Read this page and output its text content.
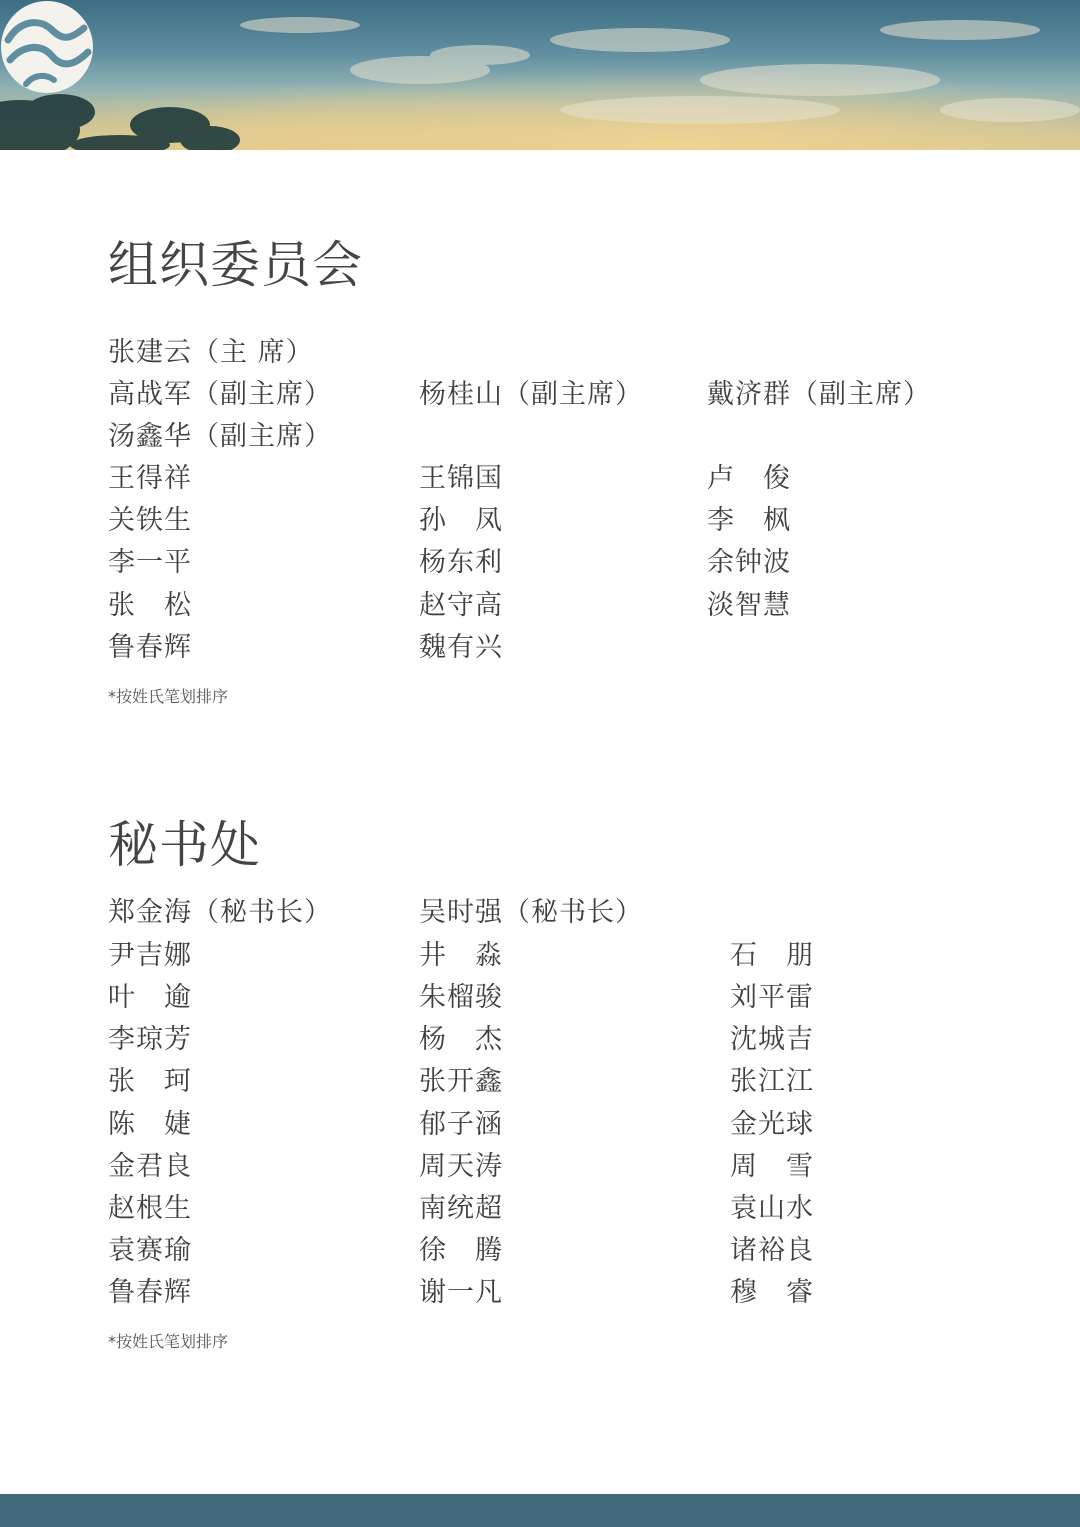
组织委员会
张建云（主 席）
高战军（副主席）	杨桂山（副主席） 戴济群（副主席）
汤鑫华（副主席）
王得祥
关铁生
李一平
张　松
鲁春辉
王锦国
孙　凤
杨东利
赵守高
魏有兴
卢　俊
李　枫
余钟波
淡智慧
*按姓氏笔划排序
秘书处
郑金海（秘书长）	吴时强（秘书长）
尹吉娜
叶　逾
李琼芳
张　珂
陈　婕
金君良
赵根生
袁赛瑜
鲁春辉
井　淼
朱榴骏
杨　杰
张开鑫
郁子涵
周天涛
南统超
徐　腾
谢一凡
石　朋
刘平雷
沈城吉
张江江
金光球
周　雪
袁山水
诸裕良
穆　睿
*按姓氏笔划排序
